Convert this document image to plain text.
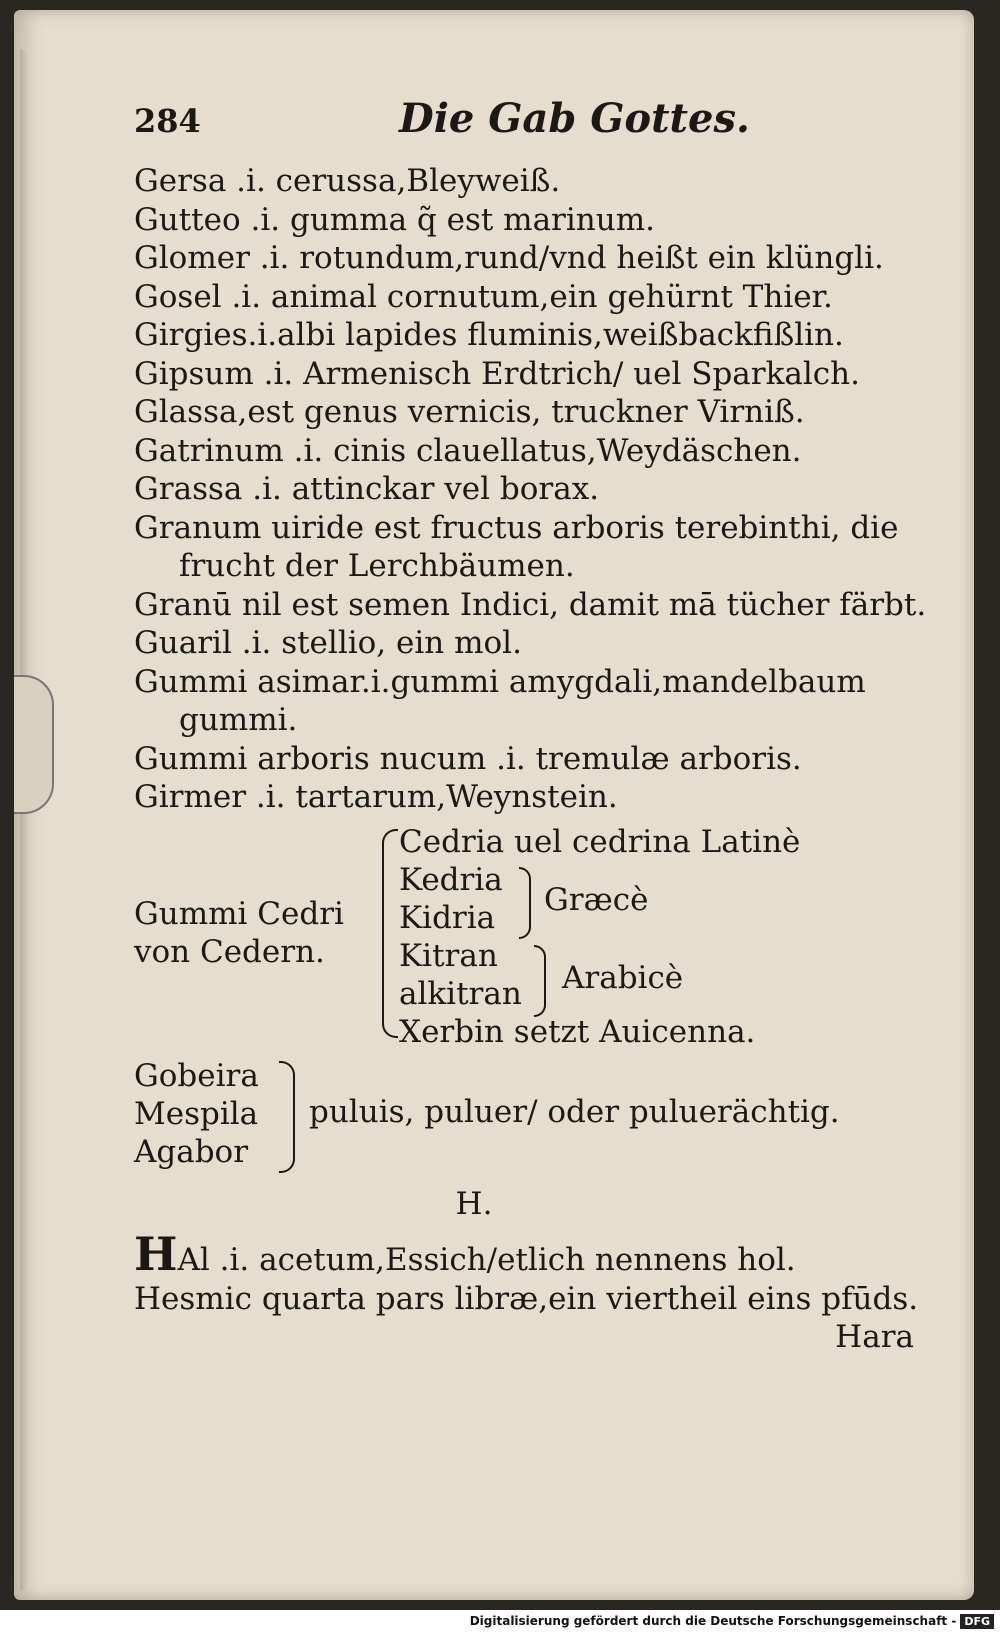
284	Die Gab Gottes.
Gersa .i. cerussa,Bleyweiß.
Gutteo .i. gumma q̃ est marinum.
Glomer .i. rotundum,rund/vnd heißt ein klüngli.
Gosel .i. animal cornutum,ein gehürnt Thier.
Girgies.i.albi lapides fluminis,weißbackfißlin.
Gipsum .i. Armenisch Erdtrich/ uel Sparkalch.
Glassa,est genus vernicis, truckner Virniß.
Gatrinum .i. cinis clauellatus,Weydäschen.
Grassa .i. attinckar vel borax.
Granum uiride est fructus arboris terebinthi, die
frucht der Lerchbäumen.
Granū nil est semen Indici, damit mā tücher färbt.
Guaril .i. stellio, ein mol.
Gummi asimar.i.gummi amygdali,mandelbaum
gummi.
Gummi arboris nucum .i. tremulæ arboris.
Girmer .i. tartarum,Weynstein.
Gummi Cedri
von Cedern.
Cedria uel cedrina Latinè
Kedria
Kidria
Kitran
alkitran
Xerbin setzt Auicenna.
Græcè
Arabicè
Gobeira
Mespila
Agabor
puluis, puluer/ oder puluerächtig.
H.
HAl .i. acetum,Essich/etlich nennens hol.
Hesmic quarta pars libræ,ein viertheil eins pfūds.
Hara
Digitalisierung gefördert durch die Deutsche Forschungsgemeinschaft - DFG
